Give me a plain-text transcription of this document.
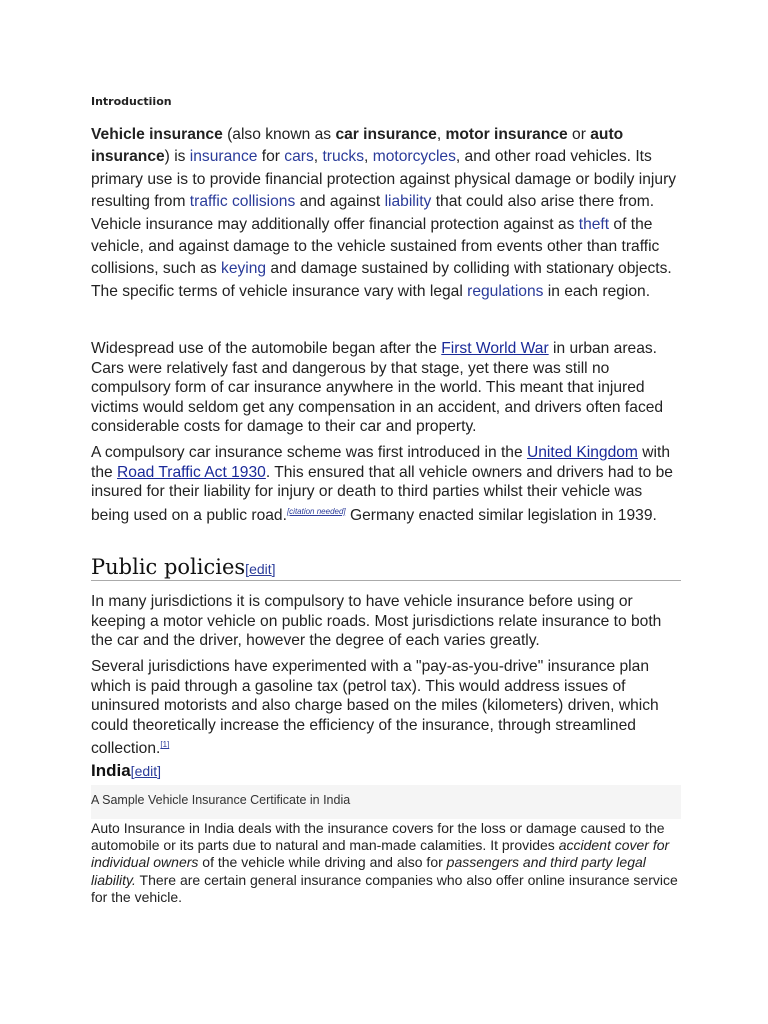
Introductiion

Vehicle insurance (also known as car insurance, motor insurance or auto insurance) is insurance for cars, trucks, motorcycles, and other road vehicles. Its primary use is to provide financial protection against physical damage or bodily injury resulting from traffic collisions and against liability that could also arise there from. Vehicle insurance may additionally offer financial protection against as theft of the vehicle, and against damage to the vehicle sustained from events other than traffic collisions, such as keying and damage sustained by colliding with stationary objects. The specific terms of vehicle insurance vary with legal regulations in each region.

Widespread use of the automobile began after the First World War in urban areas. Cars were relatively fast and dangerous by that stage, yet there was still no compulsory form of car insurance anywhere in the world. This meant that injured victims would seldom get any compensation in an accident, and drivers often faced considerable costs for damage to their car and property.

A compulsory car insurance scheme was first introduced in the United Kingdom with the Road Traffic Act 1930. This ensured that all vehicle owners and drivers had to be insured for their liability for injury or death to third parties whilst their vehicle was being used on a public road.[citation needed] Germany enacted similar legislation in 1939.

Public policies[edit]

In many jurisdictions it is compulsory to have vehicle insurance before using or keeping a motor vehicle on public roads. Most jurisdictions relate insurance to both the car and the driver, however the degree of each varies greatly.

Several jurisdictions have experimented with a "pay-as-you-drive" insurance plan which is paid through a gasoline tax (petrol tax). This would address issues of uninsured motorists and also charge based on the miles (kilometers) driven, which could theoretically increase the efficiency of the insurance, through streamlined collection.[1]

India[edit]
A Sample Vehicle Insurance Certificate in India

Auto Insurance in India deals with the insurance covers for the loss or damage caused to the automobile or its parts due to natural and man-made calamities. It provides accident cover for individual owners of the vehicle while driving and also for passengers and third party legal liability. There are certain general insurance companies who also offer online insurance service for the vehicle.
